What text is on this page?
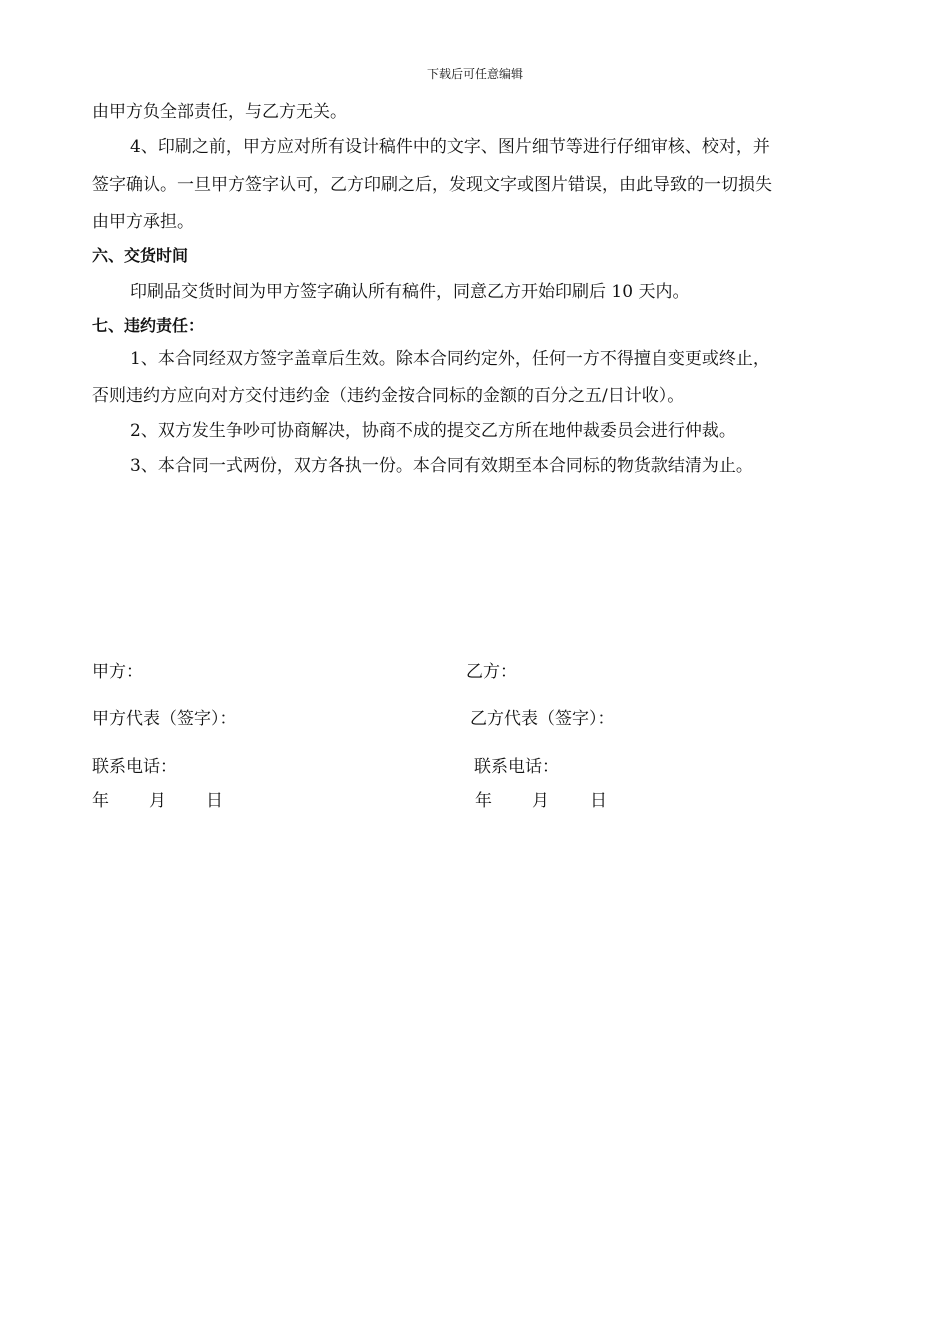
下载后可任意编辑
由甲方负全部责任，与乙方无关。
4、印刷之前，甲方应对所有设计稿件中的文字、图片细节等进行仔细审核、校对，并
签字确认。一旦甲方签字认可，乙方印刷之后，发现文字或图片错误，由此导致的一切损失
由甲方承担。
六、交货时间
印刷品交货时间为甲方签字确认所有稿件，同意乙方开始印刷后 10 天内。
七、违约责任：
1、本合同经双方签字盖章后生效。除本合同约定外，任何一方不得擅自变更或终止，
否则违约方应向对方交付违约金（违约金按合同标的金额的百分之五/日计收）。
2、双方发生争吵可协商解决，协商不成的提交乙方所在地仲裁委员会进行仲裁。
3、本合同一式两份，双方各执一份。本合同有效期至本合同标的物货款结清为止。
甲方：	乙方：
甲方代表（签字）：	乙方代表（签字）：
联系电话：	联系电话：
年 月 日	年 月 日
